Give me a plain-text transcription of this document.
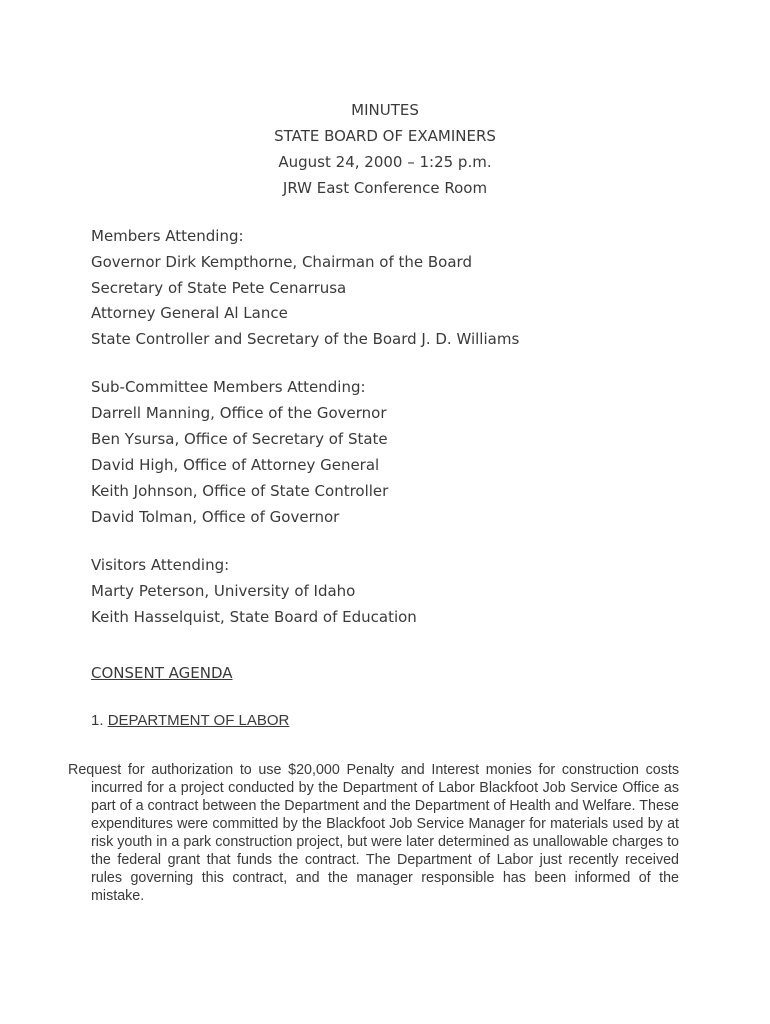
MINUTES
STATE BOARD OF EXAMINERS
August 24, 2000 – 1:25 p.m.
JRW East Conference Room
Members Attending:
Governor Dirk Kempthorne, Chairman of the Board
Secretary of State Pete Cenarrusa
Attorney General Al Lance
State Controller and Secretary of the Board J. D. Williams
Sub-Committee Members Attending:
Darrell Manning, Office of the Governor
Ben Ysursa, Office of Secretary of State
David High, Office of Attorney General
Keith Johnson, Office of State Controller
David Tolman, Office of Governor
Visitors Attending:
Marty Peterson, University of Idaho
Keith Hasselquist, State Board of Education
CONSENT AGENDA
1. DEPARTMENT OF LABOR
Request for authorization to use $20,000 Penalty and Interest monies for construction costs incurred for a project conducted by the Department of Labor Blackfoot Job Service Office as part of a contract between the Department and the Department of Health and Welfare. These expenditures were committed by the Blackfoot Job Service Manager for materials used by at risk youth in a park construction project, but were later determined as unallowable charges to the federal grant that funds the contract. The Department of Labor just recently received rules governing this contract, and the manager responsible has been informed of the mistake.
